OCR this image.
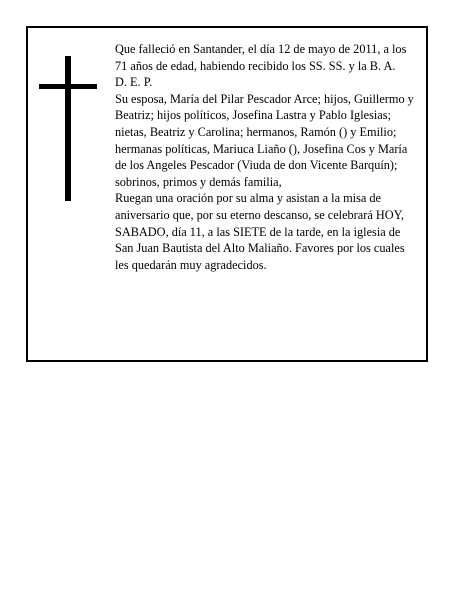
Que falleció en Santander, el día 12 de mayo de 2011, a los 71 años de edad, habiendo recibido los SS. SS. y la B. A.

D. E. P.

Su esposa, María del Pilar Pescador Arce; hijos, Guillermo y Beatriz; hijos políticos, Josefina Lastra y Pablo Iglesias; nietas, Beatriz y Carolina; hermanos, Ramón () y Emilio; hermanas políticas, Mariuca Liaño (), Josefina Cos y María de los Angeles Pescador (Viuda de don Vicente Barquín); sobrinos, primos y demás familia,

Ruegan una oración por su alma y asistan a la misa de aniversario que, por su eterno descanso, se celebrará HOY, SABADO, día 11, a las SIETE de la tarde, en la iglesia de San Juan Bautista del Alto Maliaño. Favores por los cuales les quedarán muy agradecidos.
